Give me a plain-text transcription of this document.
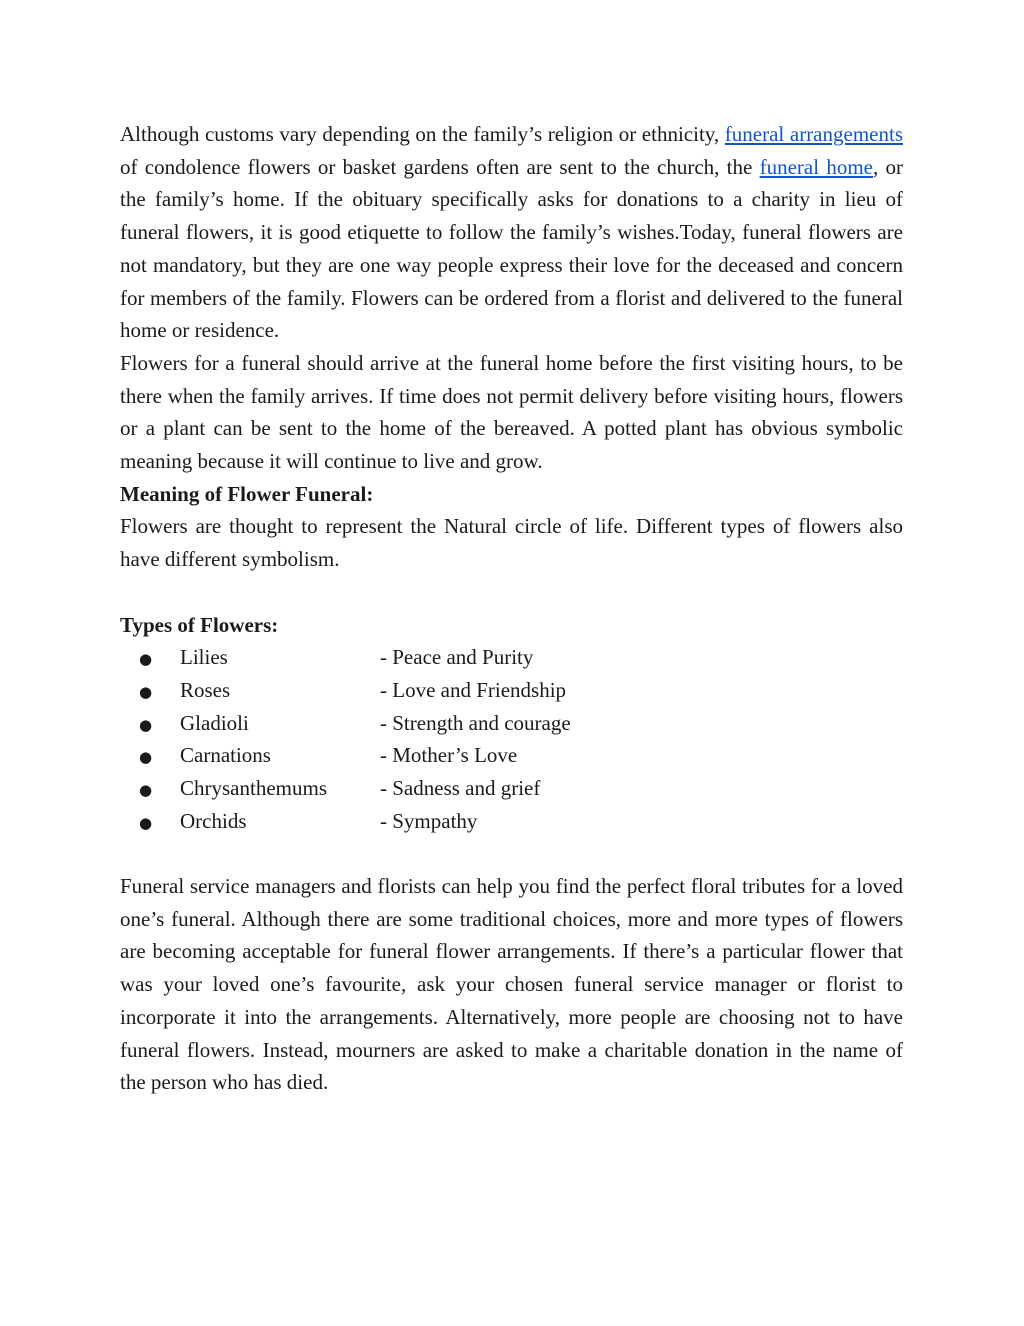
Although customs vary depending on the family’s religion or ethnicity, funeral arrangements of condolence flowers or basket gardens often are sent to the church, the funeral home, or the family’s home. If the obituary specifically asks for donations to a charity in lieu of funeral flowers, it is good etiquette to follow the family’s wishes.Today, funeral flowers are not mandatory, but they are one way people express their love for the deceased and concern for members of the family. Flowers can be ordered from a florist and delivered to the funeral home or residence.

Flowers for a funeral should arrive at the funeral home before the first visiting hours, to be there when the family arrives. If time does not permit delivery before visiting hours, flowers or a plant can be sent to the home of the bereaved. A potted plant has obvious symbolic meaning because it will continue to live and grow.

Meaning of Flower Funeral:

Flowers are thought to represent the Natural circle of life. Different types of flowers also have different symbolism.

Types of Flowers:

●	Lilies	- Peace and Purity
●	Roses	- Love and Friendship
●	Gladioli	- Strength and courage
●	Carnations	- Mother’s Love
●	Chrysanthemums	- Sadness and grief
●	Orchids	- Sympathy

Funeral service managers and florists can help you find the perfect floral tributes for a loved one’s funeral. Although there are some traditional choices, more and more types of flowers are becoming acceptable for funeral flower arrangements. If there’s a particular flower that was your loved one’s favourite, ask your chosen funeral service manager or florist to incorporate it into the arrangements. Alternatively, more people are choosing not to have funeral flowers. Instead, mourners are asked to make a charitable donation in the name of the person who has died.
